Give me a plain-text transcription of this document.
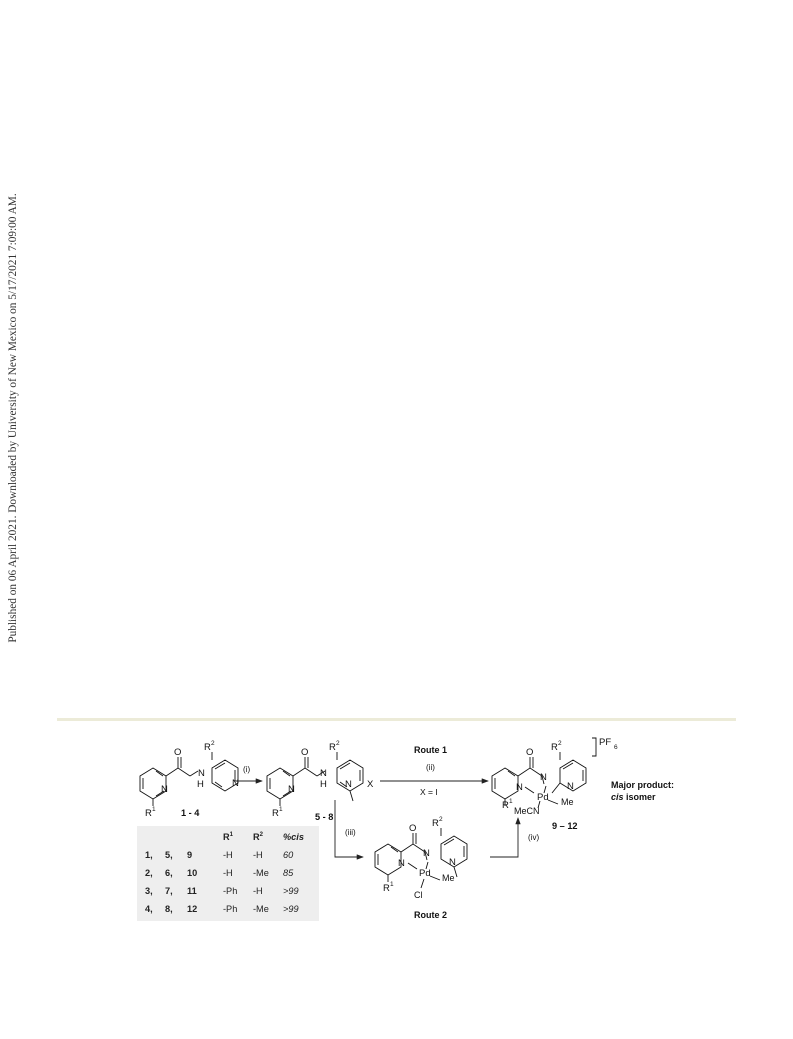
Published on 06 April 2021. Downloaded by University of New Mexico on 5/17/2021 7:09:00 AM.
O
N
H
N
N
R 2
R 1	1 - 4
(i)
O
N
H
N	N X
R 2
R 1
5 - 8
Route 1
(ii)
X = I
O
N
N	N
Pd Me
MeCN
R 2
R 1
PF 6
9 – 12
Major product:
cis isomer
(iii)	O
N
N	N
Pd Me
Cl
R 2
R 1
Route 2
(iv)
			$R^1$	$R^2$	%cis
1,	5,	9	-H	-H	60
2,	6,	10	-H	-Me	85
3,	7,	11	-Ph	-H	>99
4,	8,	12	-Ph	-Me	>99
